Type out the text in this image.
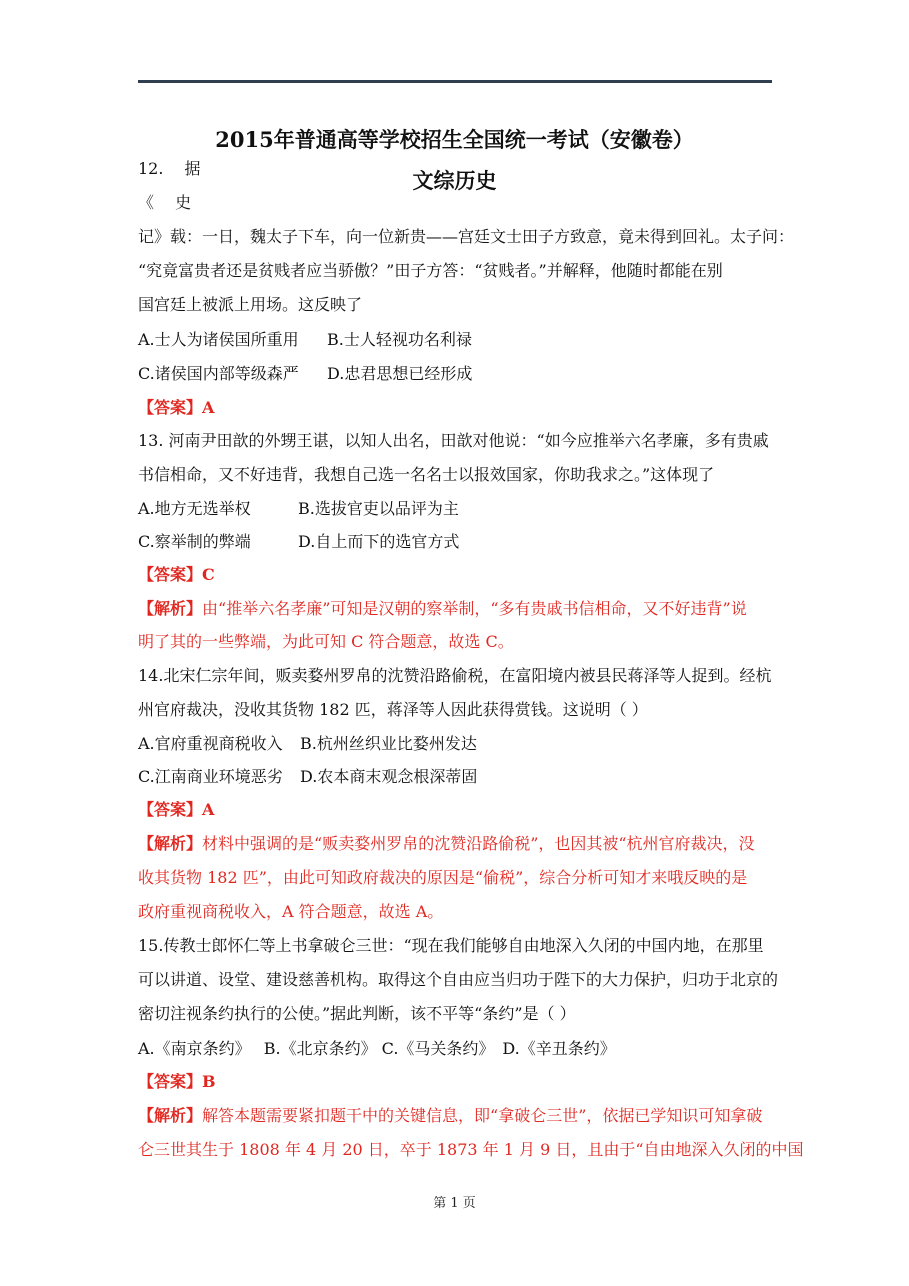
2015年普通高等学校招生全国统一考试（安徽卷）
文综历史
12.　 据
《　 史
记》载：一日，魏太子下车，向一位新贵——宫廷文士田子方致意，竟未得到回礼。太子问：
“究竟富贵者还是贫贱者应当骄傲？”田子方答：“贫贱者。”并解释，他随时都能在别
国宫廷上被派上用场。这反映了
A.士人为诸侯国所重用 B.士人轻视功名利禄
C.诸侯国内部等级森严 D.忠君思想已经形成
【答案】A
13. 河南尹田歆的外甥王谌，以知人出名，田歆对他说：“如今应推举六名孝廉，多有贵戚
书信相命，又不好违背，我想自己选一名名士以报效国家，你助我求之。”这体现了
A.地方无选举权	B.选拔官吏以品评为主
C.察举制的弊端	D.自上而下的选官方式
【答案】C
【解析】由“推举六名孝廉”可知是汉朝的察举制，“多有贵戚书信相命，又不好违背”说
明了其的一些弊端，为此可知 C 符合题意，故选 C。
14.北宋仁宗年间，贩卖婺州罗帛的沈赞沿路偷税，在富阳境内被县民蒋泽等人捉到。经杭
州官府裁决，没收其货物 182 匹，蒋泽等人因此获得赏钱。这说明（ ）
A.官府重视商税收入 B.杭州丝织业比婺州发达
C.江南商业环境恶劣 D.农本商末观念根深蒂固
【答案】A
【解析】材料中强调的是“贩卖婺州罗帛的沈赞沿路偷税”，也因其被“杭州官府裁决，没
收其货物 182 匹”，由此可知政府裁决的原因是“偷税”，综合分析可知才来哦反映的是
政府重视商税收入，A 符合题意，故选 A。
15.传教士郎怀仁等上书拿破仑三世：“现在我们能够自由地深入久闭的中国内地，在那里
可以讲道、设堂、建设慈善机构。取得这个自由应当归功于陛下的大力保护，归功于北京的
密切注视条约执行的公使。”据此判断，该不平等“条约”是（ ）
A.《南京条约》　 B.《北京条约》 C.《马关条约》　D.《辛丑条约》
【答案】B
【解析】解答本题需要紧扣题干中的关键信息，即“拿破仑三世”，依据已学知识可知拿破
仑三世其生于 1808 年 4 月 20 日，卒于 1873 年 1 月 9 日，且由于“自由地深入久闭的中国
第 1 页
